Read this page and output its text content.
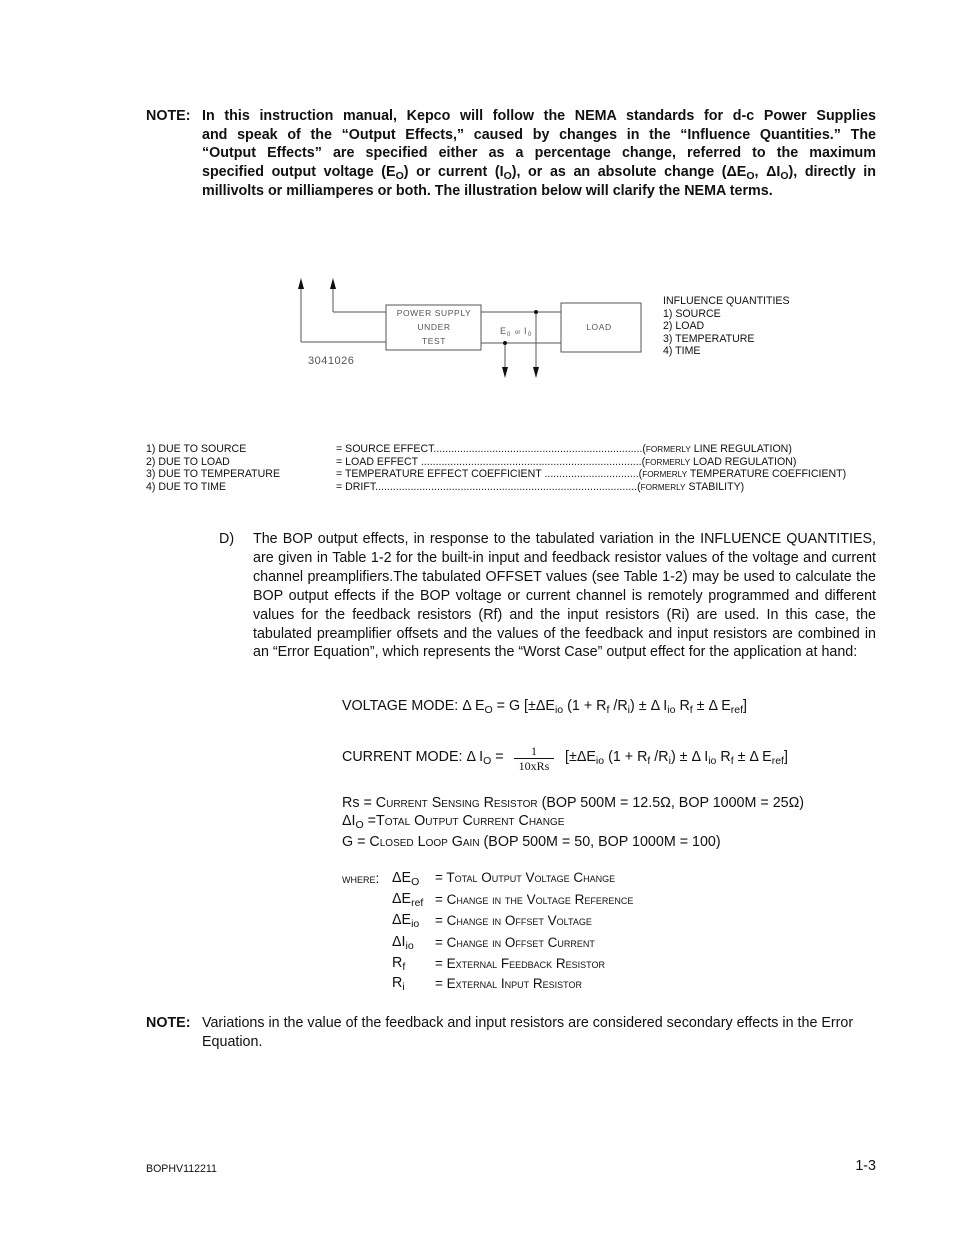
NOTE: In this instruction manual, Kepco will follow the NEMA standards for d-c Power Supplies
and speak of the “Output Effects,” caused by changes in the “Influence Quantities.” The
“Output Effects” are specified either as a percentage change, referred to the maximum
specified output voltage $(E_O)$ or current $(I_O)$, or as an absolute change ($\Delta E_O$, $\Delta I_O$), directly in
millivolts or milliamperes or both. The illustration below will clarify the NEMA terms.
POWER SUPPLY
UNDER
TEST
LOAD
E 0 or I 0
3041026
INFLUENCE QUANTITIES
1) SOURCE
2) LOAD
3) TEMPERATURE
4) TIME
1) DUE TO SOURCE	= SOURCE EFFECT.......................................................................(FORMERLY LINE REGULATION)
2) DUE TO LOAD	= LOAD EFFECT ...........................................................................(FORMERLY LOAD REGULATION)
3) DUE TO TEMPERATURE	= TEMPERATURE EFFECT COEFFICIENT ................................(FORMERLY TEMPERATURE COEFFICIENT)
4) DUE TO TIME	= DRIFT.........................................................................................(FORMERLY STABILITY)
D) The BOP output effects, in response to the tabulated variation in the INFLUENCE QUANTITIES, are given in Table 1-2 for the built-in input and feedback resistor values of the voltage and current channel preamplifiers.The tabulated OFFSET values (see Table 1-2) may be used to calculate the BOP output effects if the BOP voltage or current channel is remotely programmed and different values for the feedback resistors (Rf) and the input resistors (Ri) are used. In this case, the tabulated preamplifier offsets and the values of the feedback and input resistors are combined in an “Error Equation”, which represents the “Worst Case” output effect for the application at hand:
VOLTAGE MODE: Δ $E_O = G$ [$\pm\Delta E_{io}$ ($1 + R_f$ $/R_i) \pm \Delta$ $I_{io}$ $R_f \pm \Delta$ $E_{ref}$]
CURRENT MODE: Δ $I_O$ =	1
10xRs
[$\pm\Delta E_{io}$ ($1 + R_f$ $/R_i) \pm \Delta$ $I_{io}$ $R_f \pm \Delta$ $E_{ref}$]
Rs = Current Sensing Resistor (BOP 500M = 12.5Ω, BOP 1000M = 25Ω)
$\Delta I_O$ =Total Output Current Change
G = Closed Loop Gain (BOP 500M = 50, BOP 1000M = 100)
where: $\Delta E_O$ = Total Output Voltage Change
$\Delta E_{ref}$ = Change in the Voltage Reference
$\Delta E_{io}$ = Change in Offset Voltage
$\Delta I_{io}$ = Change in Offset Current
$R_f$ = External Feedback Resistor
$R_i$ = External Input Resistor
NOTE: Variations in the value of the feedback and input resistors are considered secondary effects in the Error Equation.
BOPHV112211	1-3
